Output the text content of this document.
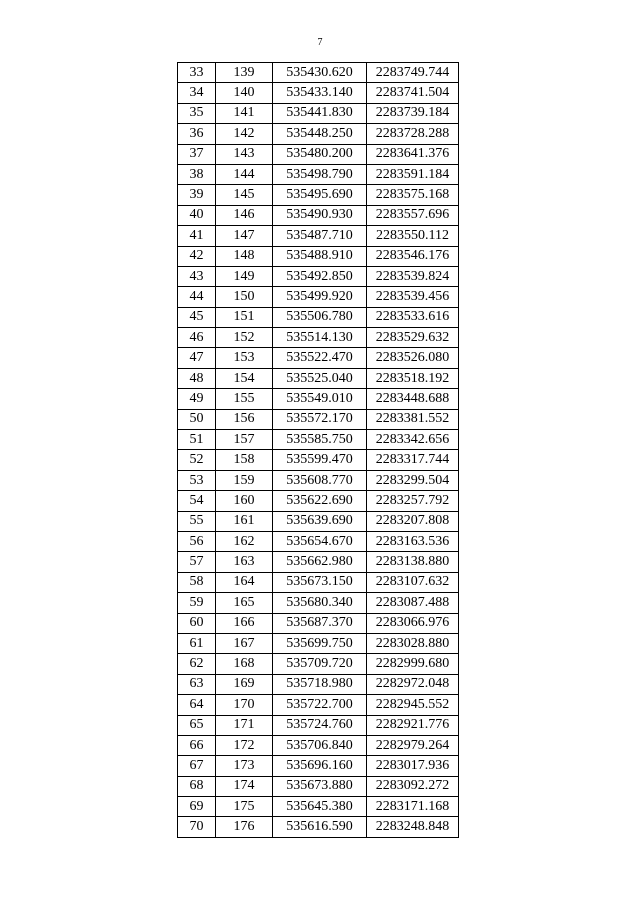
7
33	139	535430.620	2283749.744
34	140	535433.140	2283741.504
35	141	535441.830	2283739.184
36	142	535448.250	2283728.288
37	143	535480.200	2283641.376
38	144	535498.790	2283591.184
39	145	535495.690	2283575.168
40	146	535490.930	2283557.696
41	147	535487.710	2283550.112
42	148	535488.910	2283546.176
43	149	535492.850	2283539.824
44	150	535499.920	2283539.456
45	151	535506.780	2283533.616
46	152	535514.130	2283529.632
47	153	535522.470	2283526.080
48	154	535525.040	2283518.192
49	155	535549.010	2283448.688
50	156	535572.170	2283381.552
51	157	535585.750	2283342.656
52	158	535599.470	2283317.744
53	159	535608.770	2283299.504
54	160	535622.690	2283257.792
55	161	535639.690	2283207.808
56	162	535654.670	2283163.536
57	163	535662.980	2283138.880
58	164	535673.150	2283107.632
59	165	535680.340	2283087.488
60	166	535687.370	2283066.976
61	167	535699.750	2283028.880
62	168	535709.720	2282999.680
63	169	535718.980	2282972.048
64	170	535722.700	2282945.552
65	171	535724.760	2282921.776
66	172	535706.840	2282979.264
67	173	535696.160	2283017.936
68	174	535673.880	2283092.272
69	175	535645.380	2283171.168
70	176	535616.590	2283248.848
